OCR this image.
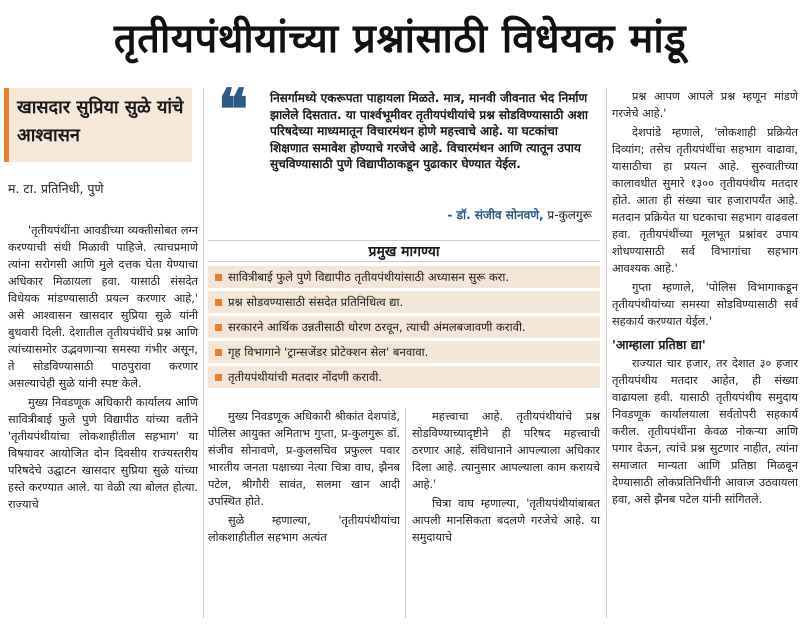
तृतीयपंथीयांच्या प्रश्नांसाठी विधेयक मांडू
खासदार सुप्रिया सुळे यांचे आश्वासन
म. टा. प्रतिनिधी, पुणे

'तृतीयपंथींना आवडीच्या व्यक्तीसोबत लग्न करण्याची संधी मिळावी पाहिजे. त्याचप्रमाणे त्यांना सरोगसी आणि मुले दत्तक घेता येण्याचा अधिकार मिळायला हवा. यासाठी संसदेत विधेयक मांडण्यासाठी प्रयत्न करणार आहे,' असे आश्वासन खासदार सुप्रिया सुळे यांनी बुधवारी दिली. देशातील तृतीयपंथींचे प्रश्न आणि त्यांच्यासमोर उद्भवणाऱ्या समस्या गंभीर असून, ते सोडविण्यासाठी पाठपुरावा करणार असल्याचेही सुळे यांनी स्पष्ट केले.

मुख्य निवडणूक अधिकारी कार्यालय आणि सावित्रीबाई फुले पुणे विद्यापीठ यांच्या वतीने 'तृतीयपंथीयांचा लोकशाहीतील सहभाग' या विषयावर आयोजित दोन दिवसीय राज्यस्तरीय परिषदेचे उद्घाटन खासदार सुप्रिया सुळे यांच्या हस्ते करण्यात आले. या वेळी त्या बोलत होत्या. राज्याचे

❝ निसर्गामध्ये एकरूपता पाहायला मिळते. मात्र, मानवी जीवनात भेद निर्माण झालेले दिसतात. या पार्श्वभूमीवर तृतीयपंथीयांचे प्रश्न सोडविण्यासाठी अशा परिषदेच्या माध्यमातून विचारमंथन होणे महत्त्वाचे आहे. या घटकांचा शिक्षणात समावेश होण्याचे गरजेचे आहे. विचारमंथन आणि त्यातून उपाय सुचविण्यासाठी पुणे विद्यापीठाकडून पुढाकार घेण्यात येईल.
- डॉ. संजीव सोनवणे, प्र-कुलगुरू
प्रमुख मागण्या
सावित्रीबाई फुले पुणे विद्यापीठ तृतीयपंथीयांसाठी अध्यासन सुरू करा.
प्रश्न सोडवण्यासाठी संसदेत प्रतिनिधित्व द्या.
सरकारने आर्थिक उन्नतीसाठी धोरण ठरवून, त्याची अंमलबजावणी करावी.
गृह विभागाने 'ट्रान्सजेंडर प्रोटेक्शन सेल' बनवावा.
तृतीयपंथीयांची मतदार नोंदणी करावी.

मुख्य निवडणूक अधिकारी श्रीकांत देशपांडे, पोलिस आयुक्त अमिताभ गुप्ता, प्र-कुलगुरू डॉ. संजीव सोनावणे, प्र-कुलसचिव प्रफुल्ल पवार भारतीय जनता पक्षाच्या नेत्या चित्रा वाघ, झैनब पटेल, श्रीगौरी सावंत, सलमा खान आदी उपस्थित होते.

सुळे म्हणाल्या, 'तृतीयपंथीयांचा लोकशाहीतील सहभाग अत्यंत

महत्त्वाचा आहे. तृतीयपंथीयांचे प्रश्न सोडविण्याच्यादृष्टीने ही परिषद महत्त्वाची ठरणार आहे. संविधानाने आपल्याला अधिकार दिला आहे. त्यानुसार आपल्याला काम करायचे आहे.'

चित्रा वाघ म्हणाल्या, 'तृतीयपंथीयांबाबत आपली मानसिकता बदलणे गरजेचे आहे. या समुदायाचे

प्रश्न आपण आपले प्रश्न म्हणून मांडणे गरजेचे आहे.'

देशपांडे म्हणाले, 'लोकशाही प्रक्रियेत दिव्यांग; तसेच तृतीयपंथींचा सहभाग वाढावा, यासाठीचा हा प्रयत्न आहे. सुरुवातीच्या कालावधीत सुमारे १३०० तृतीयपंथीय मतदार होते. आता ही संख्या चार हजारापर्यंत आहे. मतदान प्रक्रियेत या घटकाचा सहभाग वाढवला हवा. तृतीयपंथींच्या मूलभूत प्रश्नांवर उपाय शोधण्यासाठी सर्व विभागांचा सहभाग आवश्यक आहे.'

गुप्ता म्हणाले, 'पोलिस विभागाकडून तृतीयपंथीयांच्या समस्या सोडविण्यासाठी सर्व सहकार्य करण्यात येईल.'

'आम्हाला प्रतिष्ठा द्या'

राज्यात चार हजार, तर देशात ३० हजार तृतीयपंथीय मतदार आहेत, ही संख्या वाढायला हवी. यासाठी तृतीयपंथीय समुदाय निवडणूक कार्यालयाला सर्वतोपरी सहकार्य करील. तृतीयपंथींना केवळ नोकऱ्या आणि पगार देऊन, त्यांचे प्रश्न सुटणार नाहीत, त्यांना समाजात मान्यता आणि प्रतिष्ठा मिळवून देण्यासाठी लोकप्रतिनिधींनी आवाज उठवायला हवा, असे झैनब पटेल यांनी सांगितले.
